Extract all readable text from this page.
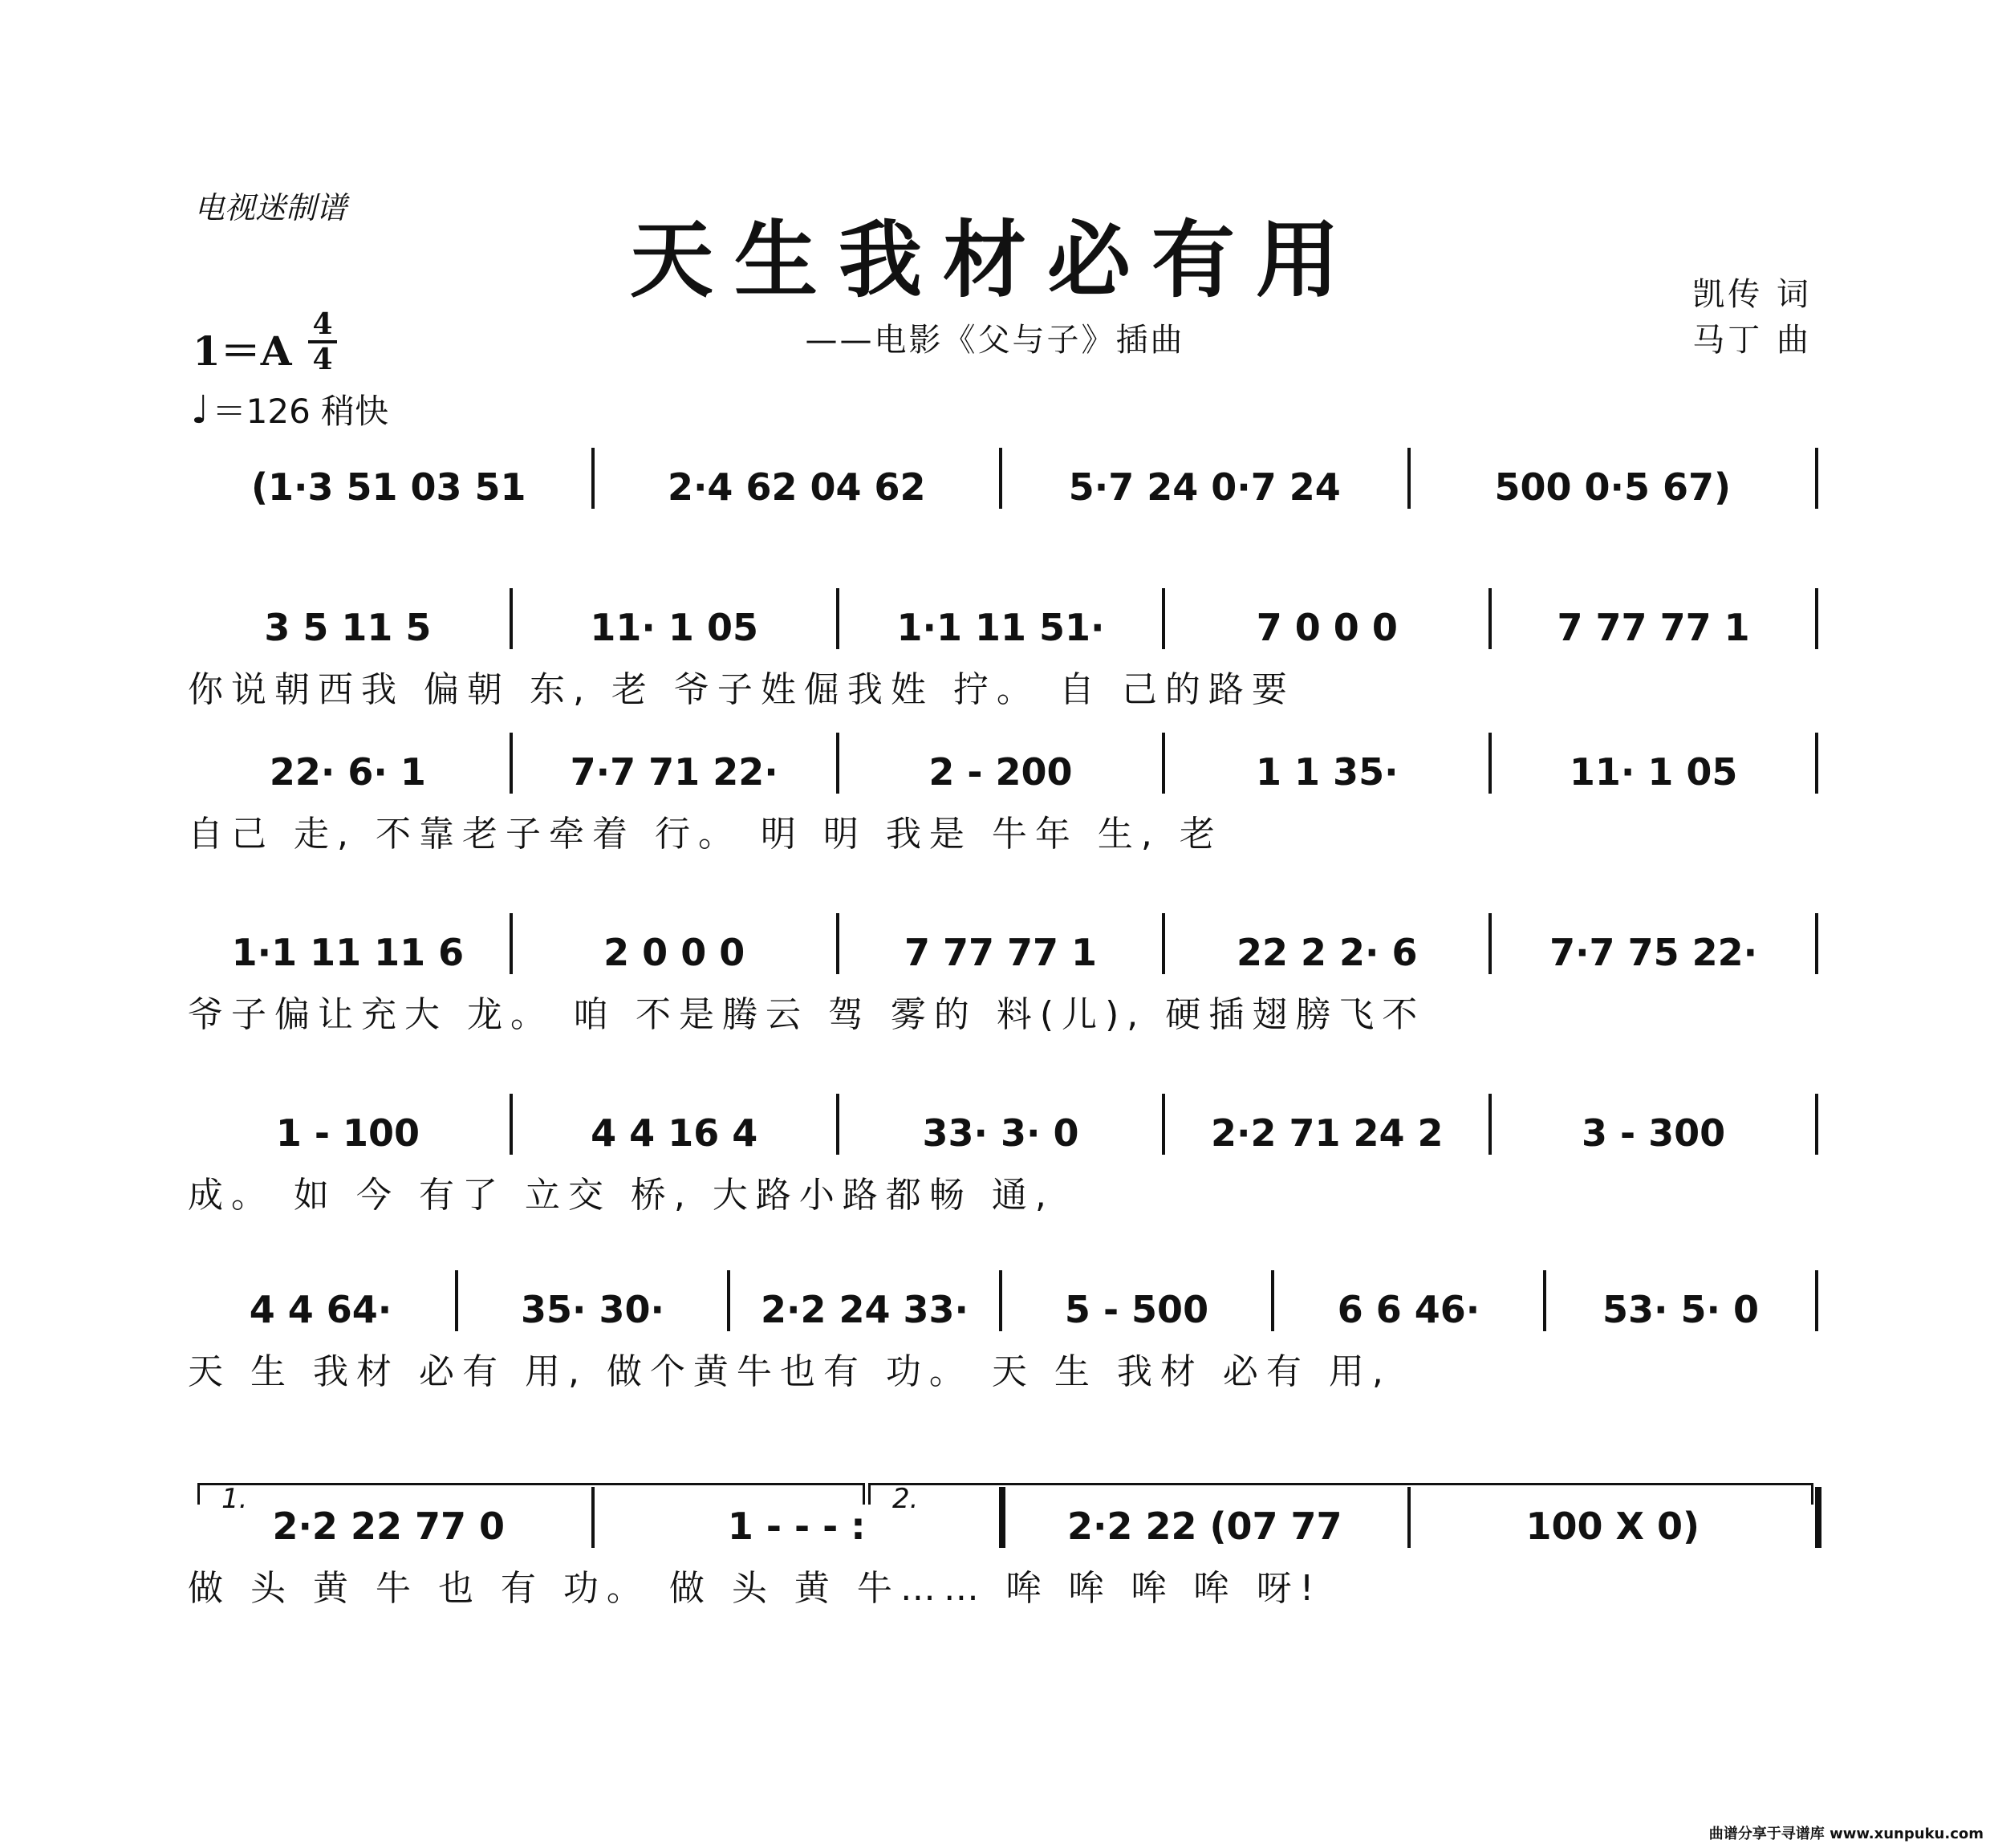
电视迷制谱
天生我材必有用
——电影《父与子》插曲
凯传 词
马丁 曲
1＝A
4
4
♩＝126 稍快
(1·3 51 03 51	2·4 62 04 62	5·7 24 0·7 24	500 0·5 67)
3 5 11 5	11· 1 05	1·1 11 51·	7 0 0 0	7 77 77 1
你说朝西我 偏朝 东, 老 爷子姓倔我姓 拧。 自 己的路要
22· 6· 1	7·7 71 22·	2 - 200	1 1 35·	11· 1 05
自己 走, 不靠老子牵着 行。 明 明 我是 牛年 生, 老
1·1 11 11 6	2 0 0 0	7 77 77 1	22 2 2· 6	7·7 75 22·
爷子偏让充大 龙。 咱 不是腾云 驾 雾的 料(儿), 硬插翅膀飞不
1 - 100	4 4 16 4	33· 3· 0	2·2 71 24 2	3 - 300
成。 如 今 有了 立交 桥, 大路小路都畅 通,
4 4 64·	35· 30·	2·2 24 33·	5 - 500	6 6 46·	53· 5· 0
天 生 我材 必有 用, 做个黄牛也有 功。 天 生 我材 必有 用,
2·2 22 77 0	1 - - - :	2·2 22 (07 77	100 X 0)
做 头 黄 牛 也 有 功。 做 头 黄 牛…… 哞 哞 哞 哞 呀!
曲谱分享于寻谱库 www.xunpuku.com
1.	2.
